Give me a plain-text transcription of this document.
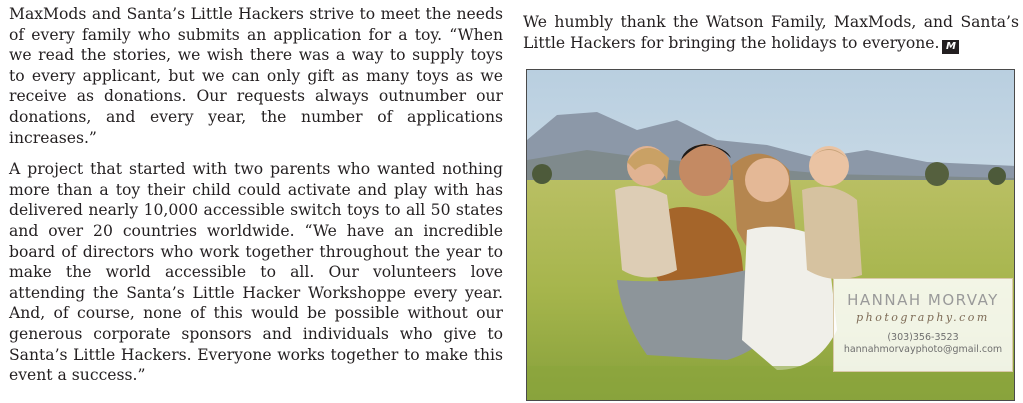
MaxMods and Santa’s Little Hackers strive to meet the needs of every family who submits an application for a toy. “When we read the stories, we wish there was a way to supply toys to every applicant, but we can only gift as many toys as we receive as donations. Our requests always outnumber our donations, and every year, the number of applications increases.”

A project that started with two parents who wanted nothing more than a toy their child could activate and play with has delivered nearly 10,000 accessible switch toys to all 50 states and over 20 countries worldwide. “We have an incredible board of directors who work together throughout the year to make the world accessible to all. Our volunteers love attending the Santa’s Little Hacker Workshoppe every year. And, of course, none of this would be possible without our generous corporate sponsors and individuals who give to Santa’s Little Hackers. Everyone works together to make this event a success.”

We humbly thank the Watson Family, MaxMods, and Santa’s Little Hackers for bringing the holidays to everyone. M

HANNAH MORVAY
photography.com
(303)356-3523
hannahmorvayphoto@gmail.com
